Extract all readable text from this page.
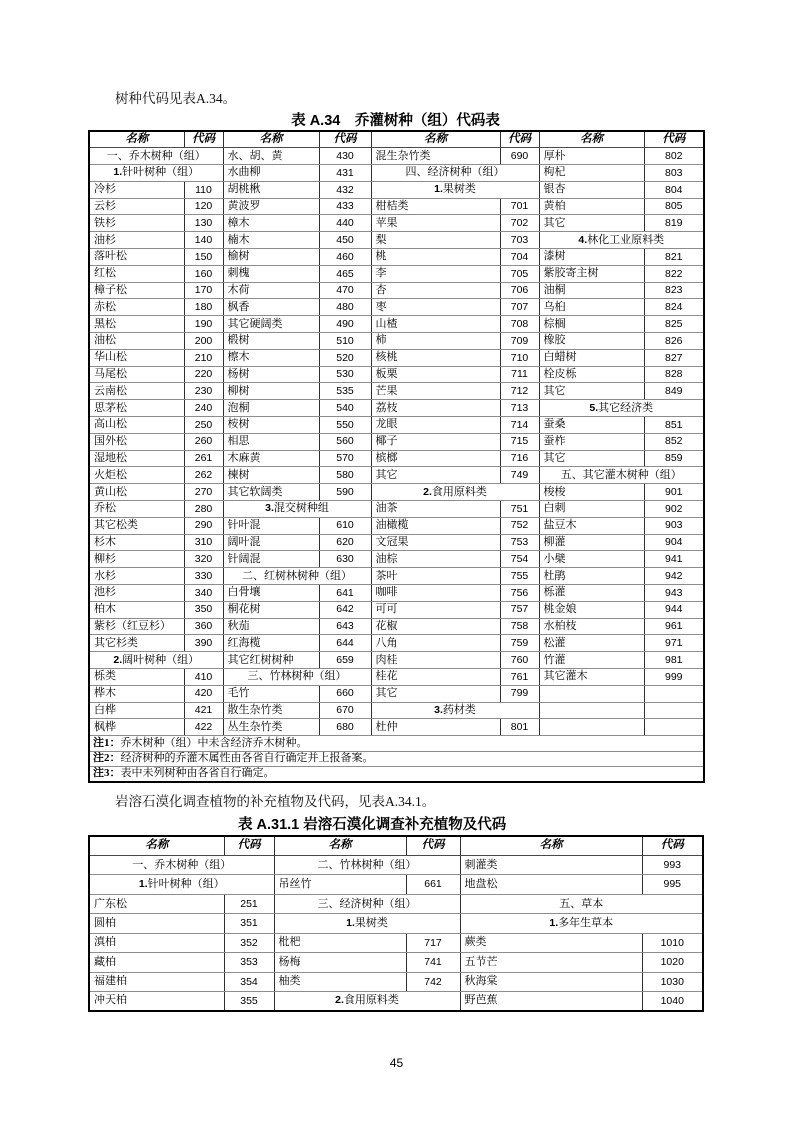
树种代码见表A.34。

表 A.34　乔灌树种（组）代码表
名称	代码	名称	代码	名称	代码	名称	代码
一、乔木树种（组）		水、胡、黄	430	混生杂竹类	690	厚朴	802
1.针叶树种（组）		水曲柳	431	四、经济树种（组）		枸杞	803
冷杉	110	胡桃楸	432	1.果树类		银杏	804
云杉	120	黄波罗	433	柑桔类	701	黄柏	805
铁杉	130	樟木	440	苹果	702	其它	819
油杉	140	楠木	450	梨	703	4.林化工业原料类	
落叶松	150	榆树	460	桃	704	漆树	821
红松	160	刺槐	465	李	705	紫胶寄主树	822
樟子松	170	木荷	470	杏	706	油桐	823
赤松	180	枫香	480	枣	707	乌桕	824
黑松	190	其它硬阔类	490	山楂	708	棕榈	825
油松	200	椴树	510	柿	709	橡胶	826
华山松	210	檫木	520	核桃	710	白蜡树	827
马尾松	220	杨树	530	板栗	711	栓皮栎	828
云南松	230	柳树	535	芒果	712	其它	849
思茅松	240	泡桐	540	荔枝	713	5.其它经济类	
高山松	250	桉树	550	龙眼	714	蚕桑	851
国外松	260	相思	560	椰子	715	蚕柞	852
湿地松	261	木麻黄	570	槟榔	716	其它	859
火炬松	262	楝树	580	其它	749	五、其它灌木树种（组）	
黄山松	270	其它软阔类	590	2.食用原料类		梭梭	901
乔松	280	3.混交树种组		油茶	751	白刺	902
其它松类	290	针叶混	610	油橄榄	752	盐豆木	903
杉木	310	阔叶混	620	文冠果	753	柳灌	904
柳杉	320	针阔混	630	油棕	754	小檗	941
水杉	330	二、红树林树种（组）		茶叶	755	杜鹃	942
池杉	340	白骨壤	641	咖啡	756	栎灌	943
柏木	350	桐花树	642	可可	757	桃金娘	944
紫杉（红豆杉）	360	秋茄	643	花椒	758	水柏枝	961
其它杉类	390	红海榄	644	八角	759	松灌	971
2.阔叶树种（组）		其它红树树种	659	肉桂	760	竹灌	981
栎类	410	三、竹林树种（组）		桂花	761	其它灌木	999
桦木	420	毛竹	660	其它	799		
白桦	421	散生杂竹类	670	3.药材类			
枫桦	422	丛生杂竹类	680	杜仲	801		
注1：乔木树种（组）中未含经济乔木树种。							
注2：经济树种的乔灌木属性由各省自行确定并上报备案。							
注3：表中未列树种由各省自行确定。							

岩溶石漠化调查植物的补充植物及代码，见表A.34.1。

表 A.31.1 岩溶石漠化调查补充植物及代码
名称	代码	名称	代码	名称	代码
一、乔木树种（组）		二、竹林树种（组）		刺灌类	993
1.针叶树种（组）		吊丝竹	661	地盘松	995
广东松	251	三、经济树种（组）		五、草本	
圆柏	351	1.果树类		1.多年生草本	
滇柏	352	枇杷	717	蕨类	1010
藏柏	353	杨梅	741	五节芒	1020
福建柏	354	柚类	742	秋海棠	1030
冲天柏	355	2.食用原料类		野芭蕉	1040
45
